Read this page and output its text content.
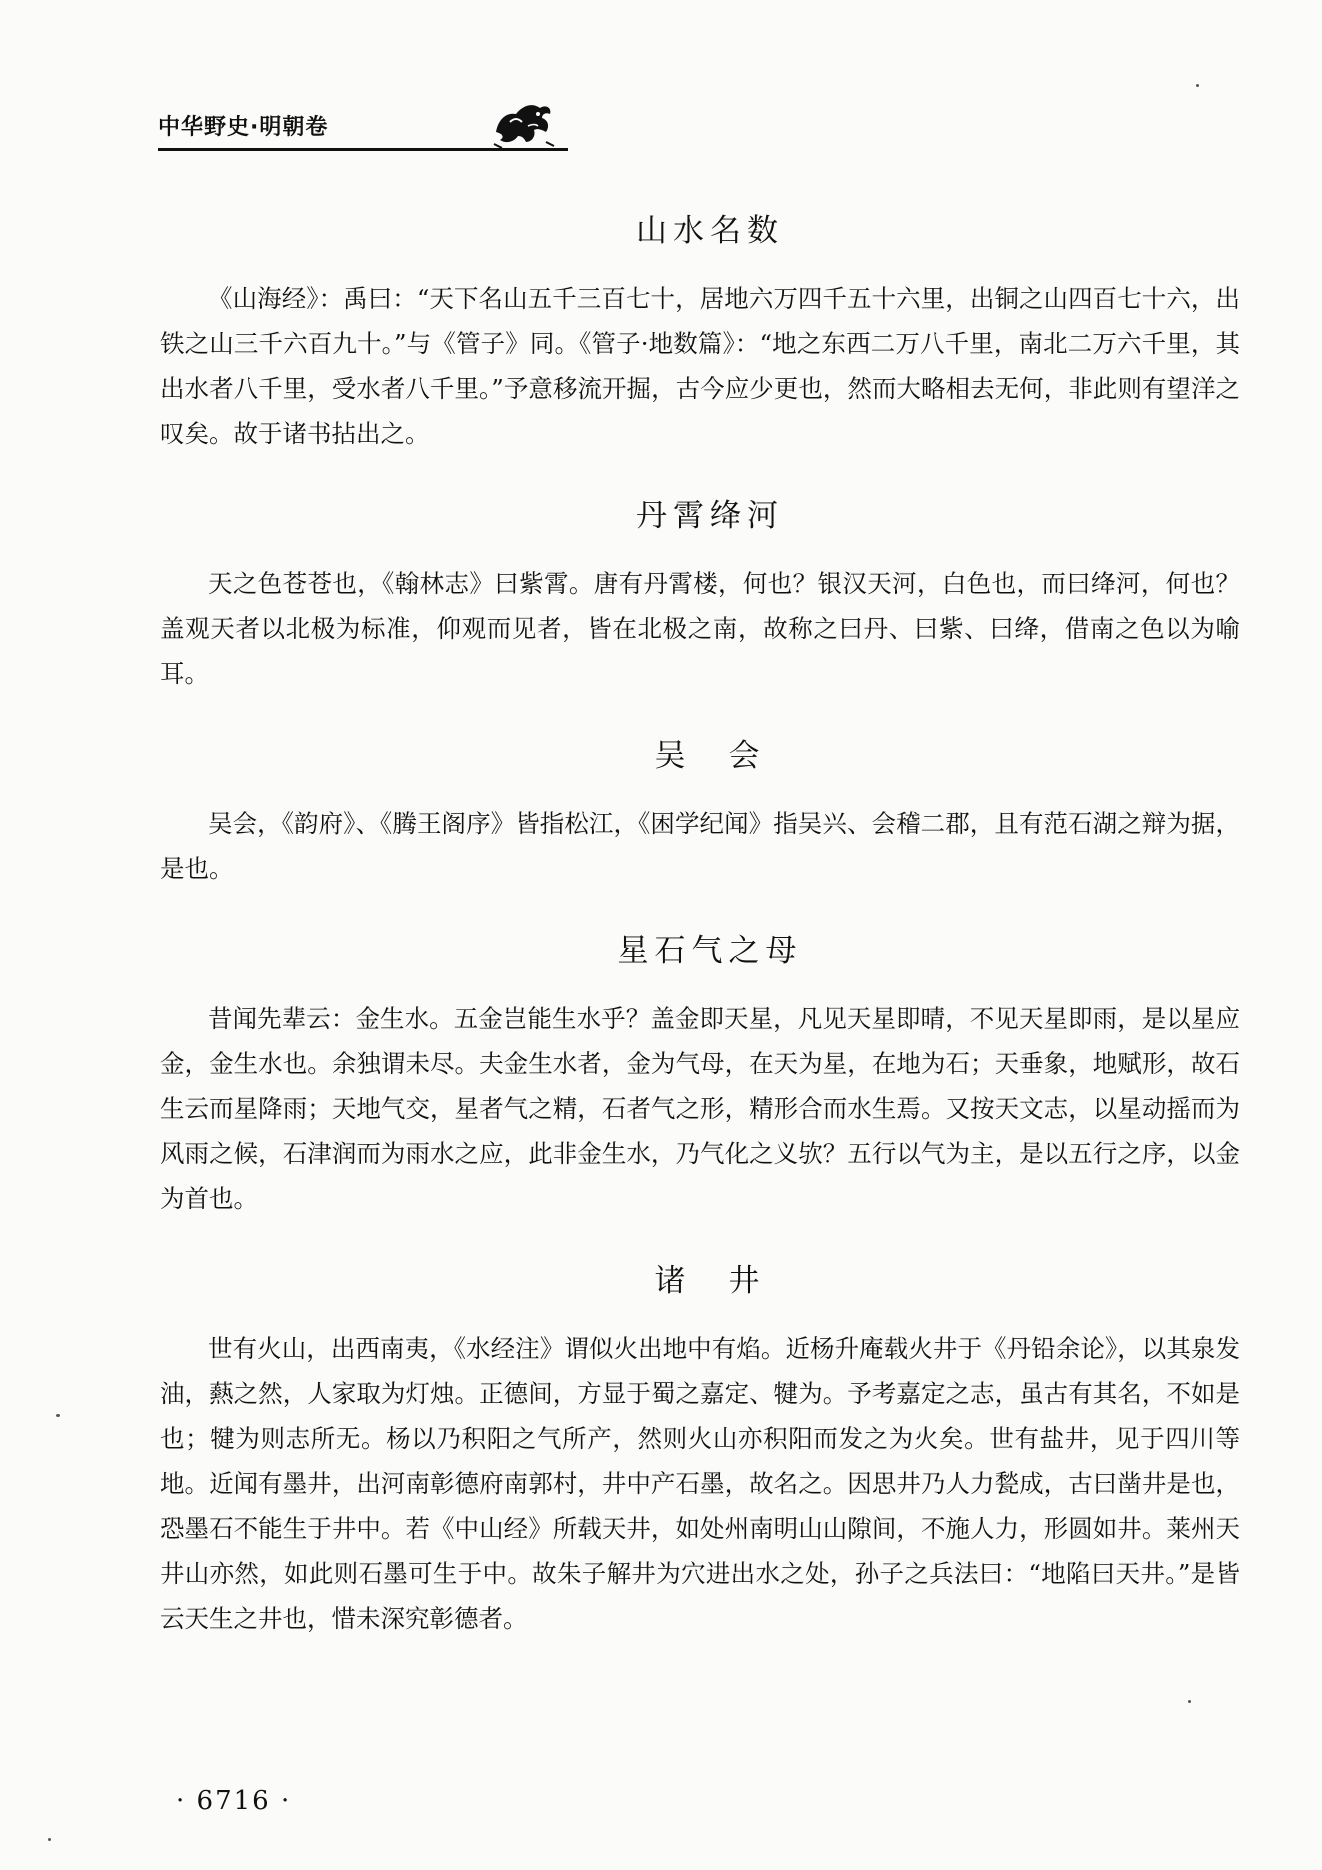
中华野史·明朝卷
山水名数
《山海经》：禹曰：“天下名山五千三百七十，居地六万四千五十六里，出铜之山四百七十六，出铁之山三千六百九十。”与《管子》同。《管子·地数篇》：“地之东西二万八千里，南北二万六千里，其出水者八千里，受水者八千里。”予意移流开掘，古今应少更也，然而大略相去无何，非此则有望洋之叹矣。故于诸书拈出之。
丹霄绛河
天之色苍苍也，《翰林志》曰紫霄。唐有丹霄楼，何也？银汉天河，白色也，而曰绛河，何也？盖观天者以北极为标准，仰观而见者，皆在北极之南，故称之曰丹、曰紫、曰绛，借南之色以为喻耳。
吴　会
吴会，《韵府》、《腾王阁序》皆指松江，《困学纪闻》指吴兴、会稽二郡，且有范石湖之辩为据，是也。
星石气之母
昔闻先辈云：金生水。五金岂能生水乎？盖金即天星，凡见天星即晴，不见天星即雨，是以星应金，金生水也。余独谓未尽。夫金生水者，金为气母，在天为星，在地为石；天垂象，地赋形，故石生云而星降雨；天地气交，星者气之精，石者气之形，精形合而水生焉。又按天文志，以星动摇而为风雨之候，石津润而为雨水之应，此非金生水，乃气化之义欤？五行以气为主，是以五行之序，以金为首也。
诸　井
世有火山，出西南夷，《水经注》谓似火出地中有焰。近杨升庵载火井于《丹铅余论》，以其泉发油，爇之然，人家取为灯烛。正德间，方显于蜀之嘉定、犍为。予考嘉定之志，虽古有其名，不如是也；犍为则志所无。杨以乃积阳之气所产，然则火山亦积阳而发之为火矣。世有盐井，见于四川等地。近闻有墨井，出河南彰德府南郭村，井中产石墨，故名之。因思井乃人力甃成，古曰凿井是也，恐墨石不能生于井中。若《中山经》所载天井，如处州南明山山隙间，不施人力，形圆如井。莱州天井山亦然，如此则石墨可生于中。故朱子解井为穴进出水之处，孙子之兵法曰：“地陷曰天井。”是皆云天生之井也，惜未深究彰德者。
· 6716 ·
